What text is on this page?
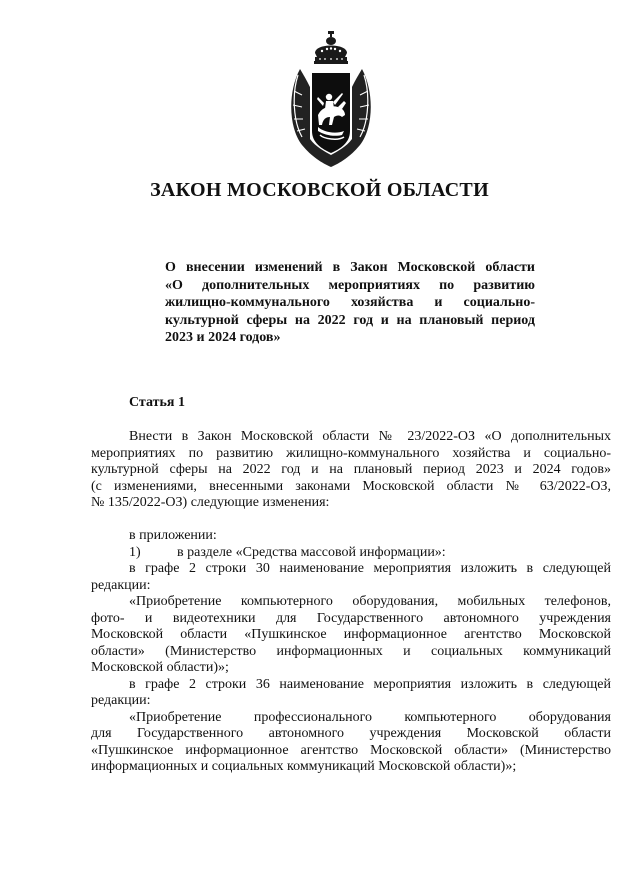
ЗАКОН МОСКОВСКОЙ ОБЛАСТИ
О внесении изменений в Закон Московской области
«О дополнительных мероприятиях по развитию
жилищно-коммунального хозяйства и социально-
культурной сферы на 2022 год и на плановый период
2023 и 2024 годов»
Статья 1
Внести в Закон Московской области № 23/2022-ОЗ «О дополнительных
мероприятиях по развитию жилищно-коммунального хозяйства и социально-
культурной сферы на 2022 год и на плановый период 2023 и 2024 годов»
(с изменениями, внесенными законами Московской области № 63/2022-ОЗ,
№ 135/2022-ОЗ) следующие изменения:
в приложении:
1)	в разделе «Средства массовой информации»:
в графе 2 строки 30 наименование мероприятия изложить в следующей
редакции:
«Приобретение компьютерного оборудования, мобильных телефонов,
фото- и видеотехники для Государственного автономного учреждения
Московской области «Пушкинское информационное агентство Московской
области» (Министерство информационных и социальных коммуникаций
Московской области)»;
в графе 2 строки 36 наименование мероприятия изложить в следующей
редакции:
«Приобретение профессионального компьютерного оборудования
для Государственного автономного учреждения Московской области
«Пушкинское информационное агентство Московской области» (Министерство
информационных и социальных коммуникаций Московской области)»;
